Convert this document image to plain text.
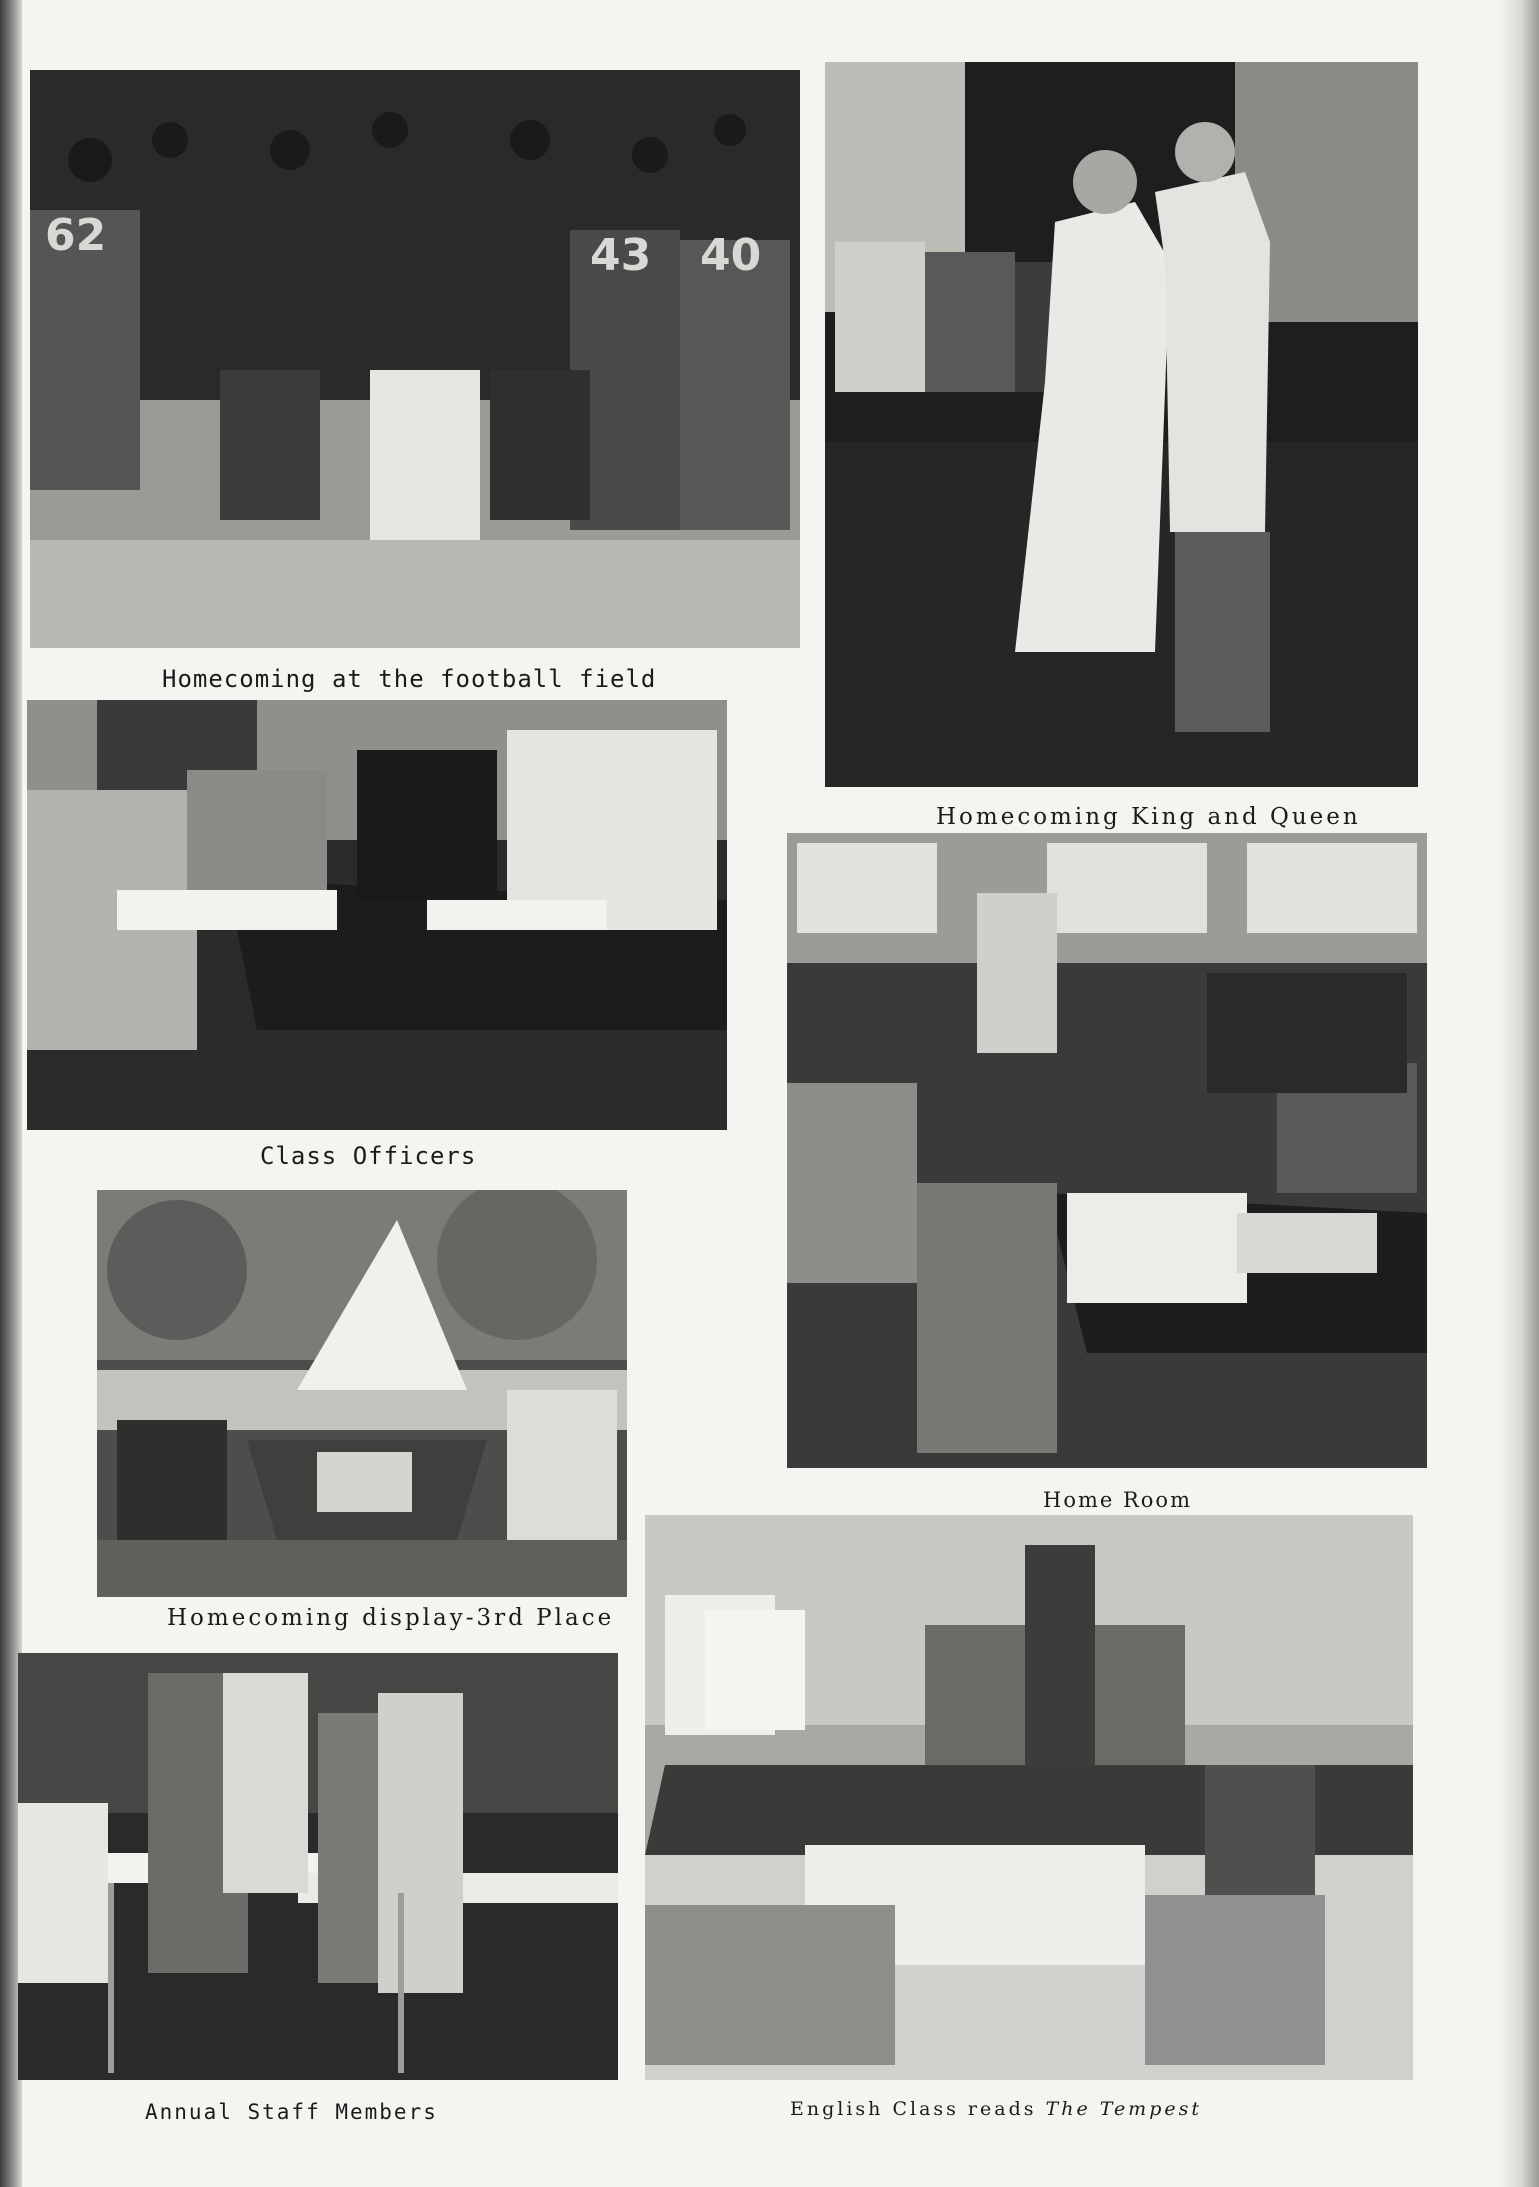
62	43 40
Homecoming at the football field
Homecoming King and Queen
Class Officers
Home Room
Homecoming display-3rd Place
Annual Staff Members	English Class reads The Tempest
